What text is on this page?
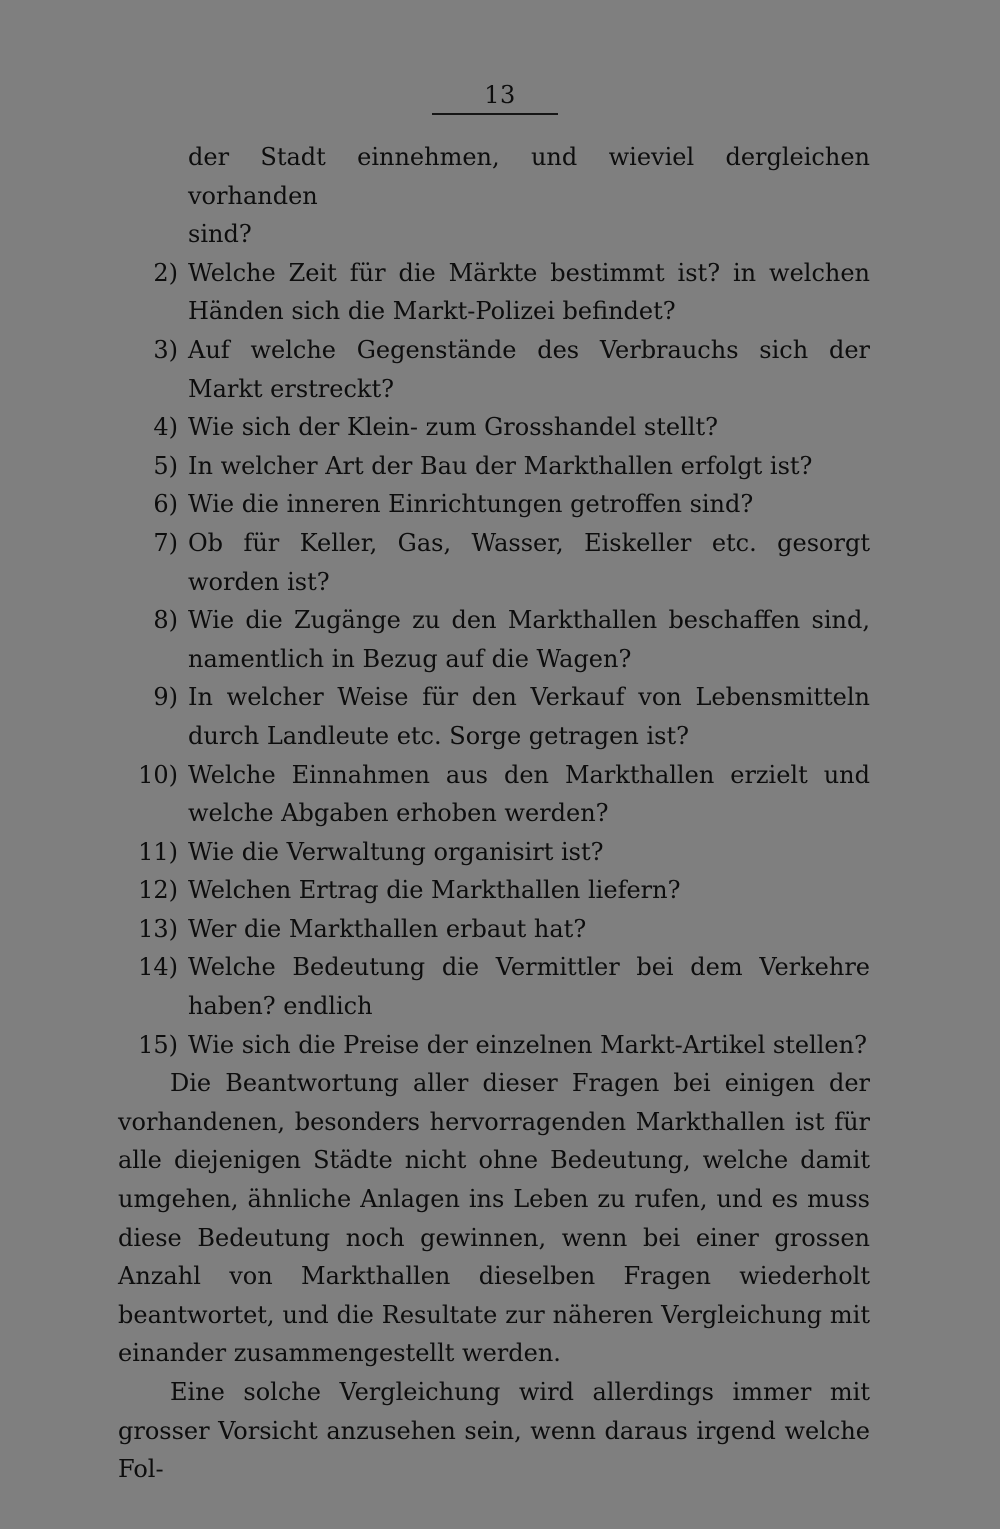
13
der Stadt einnehmen, und wieviel dergleichen vorhanden
sind?
2) Welche Zeit für die Märkte bestimmt ist? in welchen Händen sich die Markt-Polizei befindet?
3) Auf welche Gegenstände des Verbrauchs sich der Markt erstreckt?
4) Wie sich der Klein- zum Grosshandel stellt?
5) In welcher Art der Bau der Markthallen erfolgt ist?
6) Wie die inneren Einrichtungen getroffen sind?
7) Ob für Keller, Gas, Wasser, Eiskeller etc. gesorgt worden ist?
8) Wie die Zugänge zu den Markthallen beschaffen sind, namentlich in Bezug auf die Wagen?
9) In welcher Weise für den Verkauf von Lebensmitteln durch Landleute etc. Sorge getragen ist?
10) Welche Einnahmen aus den Markthallen erzielt und welche Abgaben erhoben werden?
11) Wie die Verwaltung organisirt ist?
12) Welchen Ertrag die Markthallen liefern?
13) Wer die Markthallen erbaut hat?
14) Welche Bedeutung die Vermittler bei dem Verkehre haben? endlich
15) Wie sich die Preise der einzelnen Markt-Artikel stellen?

Die Beantwortung aller dieser Fragen bei einigen der vorhandenen, besonders hervorragenden Markthallen ist für alle diejenigen Städte nicht ohne Bedeutung, welche damit umgehen, ähnliche Anlagen ins Leben zu rufen, und es muss diese Bedeutung noch gewinnen, wenn bei einer grossen Anzahl von Markthallen dieselben Fragen wiederholt beantwortet, und die Resultate zur näheren Vergleichung mit einander zusammengestellt werden.

Eine solche Vergleichung wird allerdings immer mit grosser Vorsicht anzusehen sein, wenn daraus irgend welche Fol-
